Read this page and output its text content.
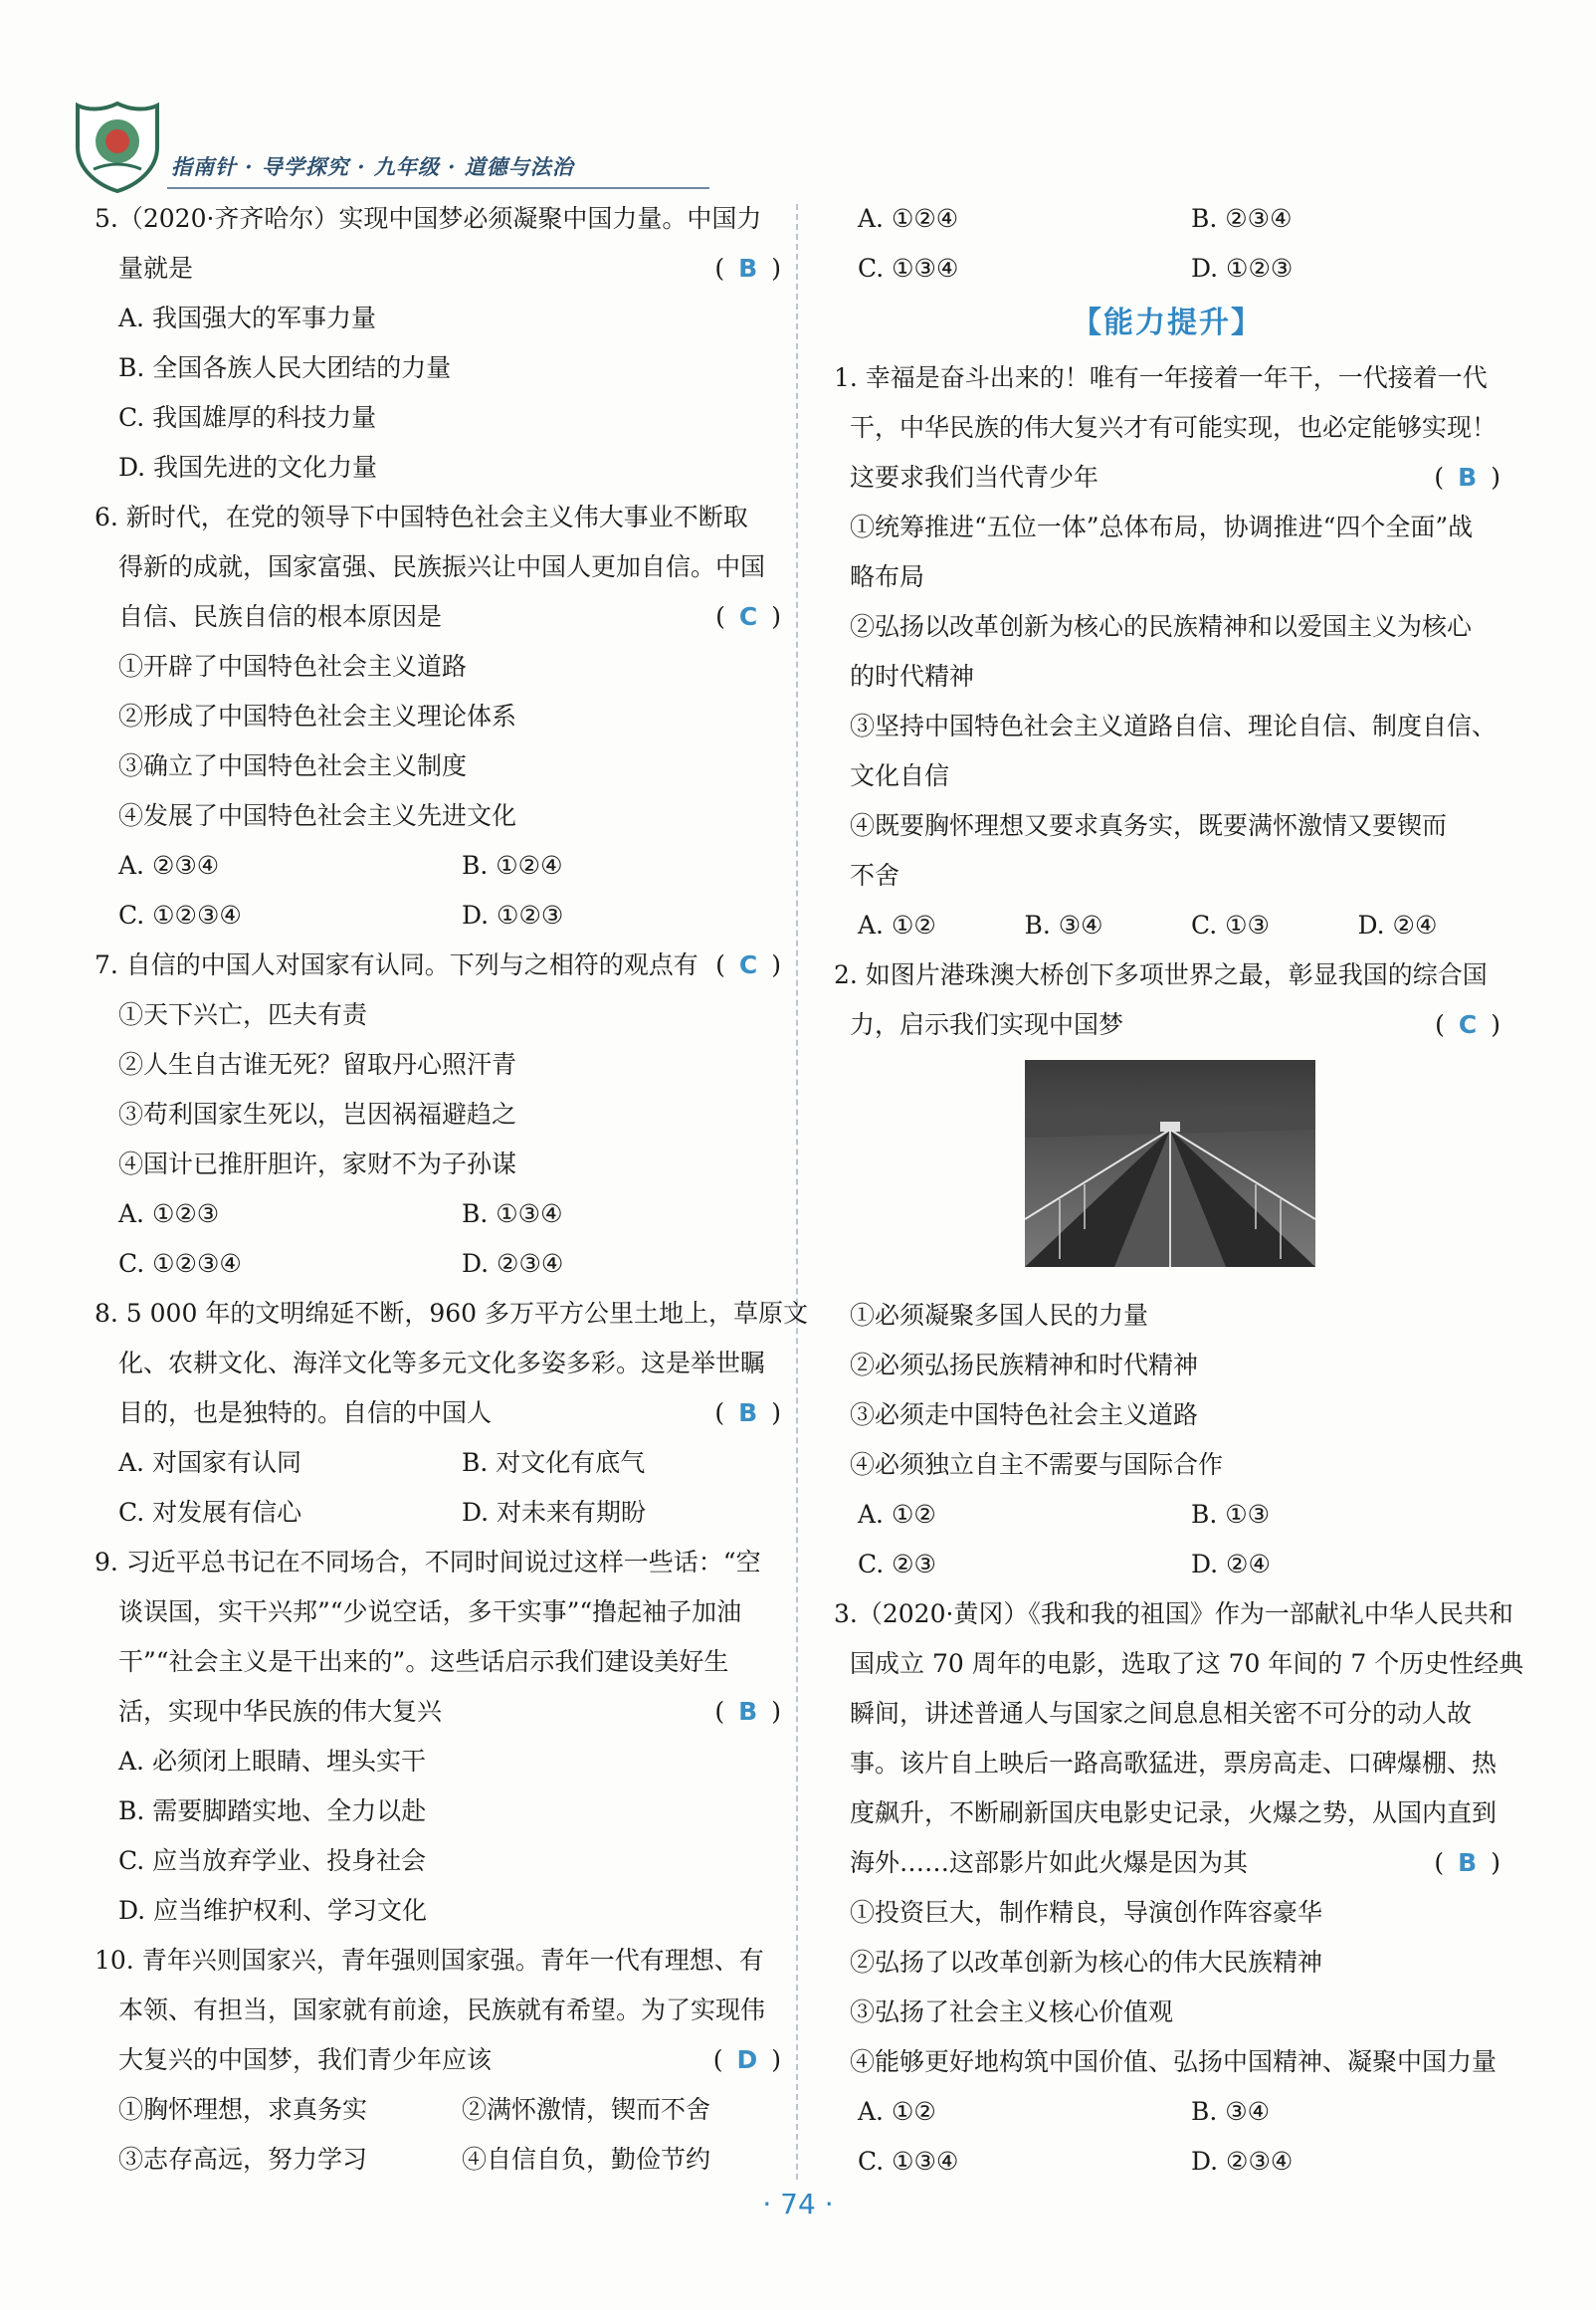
指南针 · 导学探究 · 九年级 · 道德与法治
5.（2020·齐齐哈尔）实现中国梦必须凝聚中国力量。中国力
量就是	( B )
A. 我国强大的军事力量
B. 全国各族人民大团结的力量
C. 我国雄厚的科技力量
D. 我国先进的文化力量
6. 新时代，在党的领导下中国特色社会主义伟大事业不断取
得新的成就，国家富强、民族振兴让中国人更加自信。中国
自信、民族自信的根本原因是	( C )
①开辟了中国特色社会主义道路
②形成了中国特色社会主义理论体系
③确立了中国特色社会主义制度
④发展了中国特色社会主义先进文化
A. ②③④	B. ①②④
C. ①②③④	D. ①②③
7. 自信的中国人对国家有认同。下列与之相符的观点有 ( C )
①天下兴亡，匹夫有责
②人生自古谁无死？留取丹心照汗青
③苟利国家生死以，岂因祸福避趋之
④国计已推肝胆许，家财不为子孙谋
A. ①②③	B. ①③④
C. ①②③④	D. ②③④
8. 5 000 年的文明绵延不断，960 多万平方公里土地上，草原文
化、农耕文化、海洋文化等多元文化多姿多彩。这是举世瞩
目的，也是独特的。自信的中国人	( B )
A. 对国家有认同	B. 对文化有底气
C. 对发展有信心	D. 对未来有期盼
9. 习近平总书记在不同场合，不同时间说过这样一些话：“空
谈误国，实干兴邦”“少说空话，多干实事”“撸起袖子加油
干”“社会主义是干出来的”。这些话启示我们建设美好生
活，实现中华民族的伟大复兴	( B )
A. 必须闭上眼睛、埋头实干
B. 需要脚踏实地、全力以赴
C. 应当放弃学业、投身社会
D. 应当维护权利、学习文化
10. 青年兴则国家兴，青年强则国家强。青年一代有理想、有
本领、有担当，国家就有前途，民族就有希望。为了实现伟
大复兴的中国梦，我们青少年应该	( D )
①胸怀理想，求真务实	②满怀激情，锲而不舍
③志存高远，努力学习	④自信自负，勤俭节约
A. ①②④	B. ②③④
C. ①③④	D. ①②③
【能力提升】
1. 幸福是奋斗出来的！唯有一年接着一年干，一代接着一代
干，中华民族的伟大复兴才有可能实现，也必定能够实现！
这要求我们当代青少年	( B )
①统筹推进“五位一体”总体布局，协调推进“四个全面”战
略布局
②弘扬以改革创新为核心的民族精神和以爱国主义为核心
的时代精神
③坚持中国特色社会主义道路自信、理论自信、制度自信、
文化自信
④既要胸怀理想又要求真务实，既要满怀激情又要锲而
不舍
A. ①②	B. ③④	C. ①③	D. ②④
2. 如图片港珠澳大桥创下多项世界之最，彰显我国的综合国
力，启示我们实现中国梦	( C )
①必须凝聚多国人民的力量
②必须弘扬民族精神和时代精神
③必须走中国特色社会主义道路
④必须独立自主不需要与国际合作
A. ①②	B. ①③
C. ②③	D. ②④
3.（2020·黄冈）《我和我的祖国》作为一部献礼中华人民共和
国成立 70 周年的电影，选取了这 70 年间的 7 个历史性经典
瞬间，讲述普通人与国家之间息息相关密不可分的动人故
事。该片自上映后一路高歌猛进，票房高走、口碑爆棚、热
度飙升，不断刷新国庆电影史记录，火爆之势，从国内直到
海外……这部影片如此火爆是因为其	( B )
①投资巨大，制作精良，导演创作阵容豪华
②弘扬了以改革创新为核心的伟大民族精神
③弘扬了社会主义核心价值观
④能够更好地构筑中国价值、弘扬中国精神、凝聚中国力量
A. ①②	B. ③④
C. ①③④	D. ②③④
· 74 ·
